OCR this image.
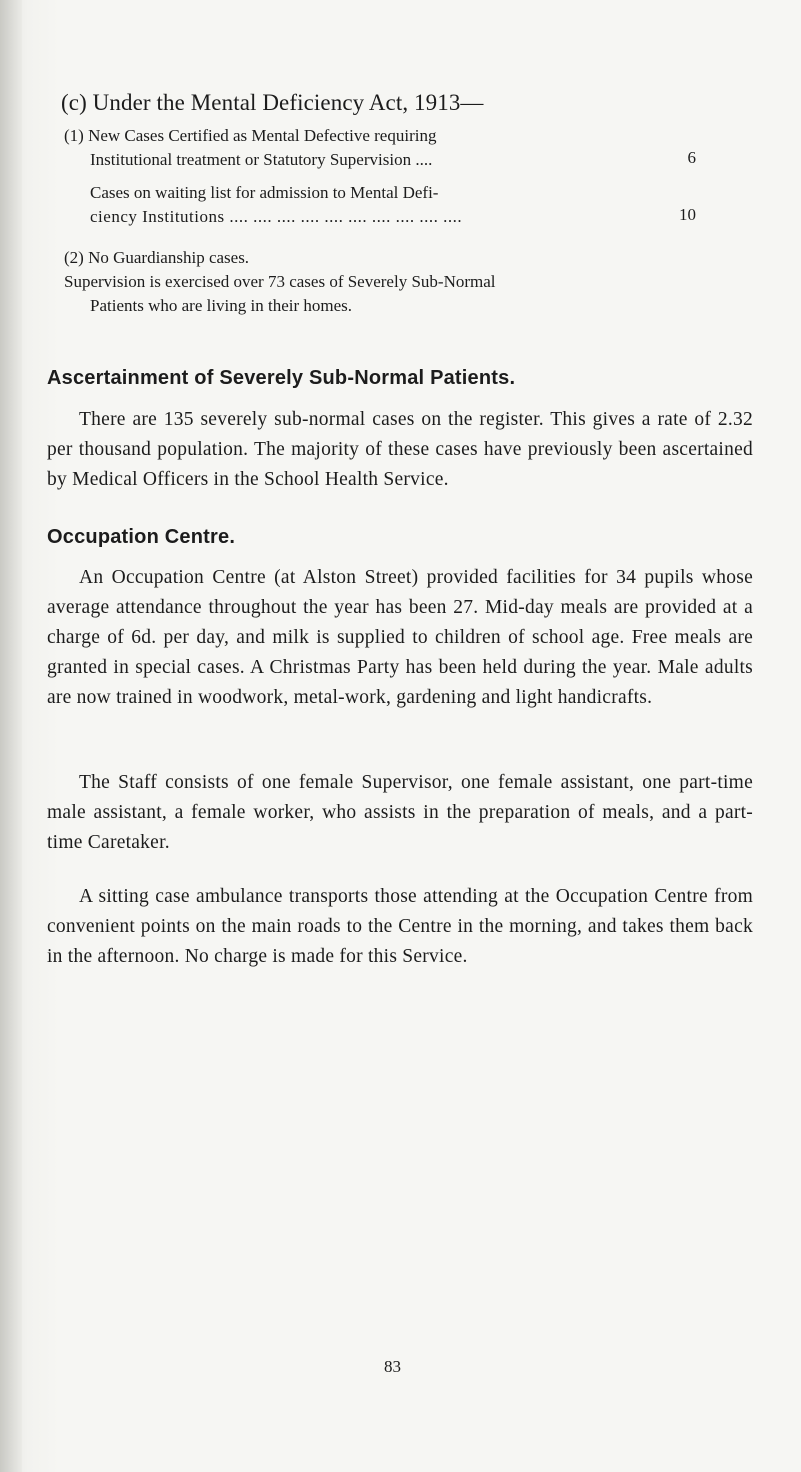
(c) Under the Mental Deficiency Act, 1913—
(1) New Cases Certified as Mental Defective requiring
Institutional treatment or Statutory Supervision ....	6
Cases on waiting list for admission to Mental Defi-
ciency Institutions .... .... .... .... .... .... .... .... .... ....	10
(2) No Guardianship cases.
Supervision is exercised over 73 cases of Severely Sub-Normal
Patients who are living in their homes.
Ascertainment of Severely Sub-Normal Patients.
There are 135 severely sub-normal cases on the register. This gives a rate of 2.32 per thousand population. The majority of these cases have previously been ascertained by Medical Officers in the School Health Service.
Occupation Centre.
An Occupation Centre (at Alston Street) provided facilities for 34 pupils whose average attendance throughout the year has been 27. Mid-day meals are provided at a charge of 6d. per day, and milk is supplied to children of school age. Free meals are granted in special cases. A Christmas Party has been held during the year. Male adults are now trained in woodwork, metal-work, gardening and light handicrafts.
The Staff consists of one female Supervisor, one female assistant, one part-time male assistant, a female worker, who assists in the preparation of meals, and a part-time Caretaker.
A sitting case ambulance transports those attending at the Occupation Centre from convenient points on the main roads to the Centre in the morning, and takes them back in the afternoon. No charge is made for this Service.
83
